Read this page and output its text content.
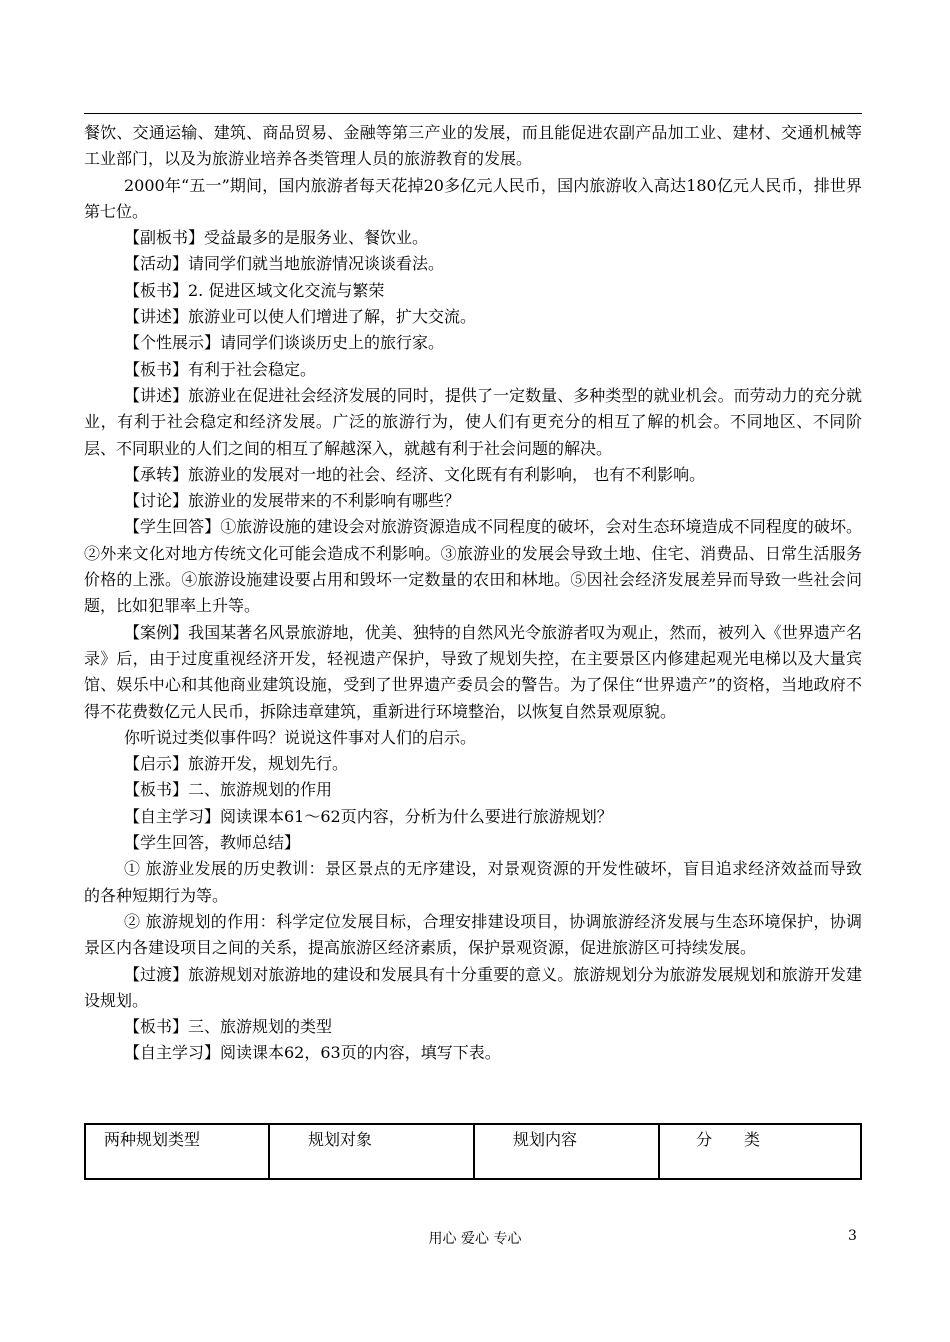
餐饮、交通运输、建筑、商品贸易、金融等第三产业的发展，而且能促进农副产品加工业、建材、交通机械等工业部门，以及为旅游业培养各类管理人员的旅游教育的发展。

2000年“五一”期间，国内旅游者每天花掉20多亿元人民币，国内旅游收入高达180亿元人民币，排世界第七位。

【副板书】受益最多的是服务业、餐饮业。

【活动】请同学们就当地旅游情况谈谈看法。

【板书】2. 促进区域文化交流与繁荣

【讲述】旅游业可以使人们增进了解，扩大交流。

【个性展示】请同学们谈谈历史上的旅行家。

【板书】有利于社会稳定。

【讲述】旅游业在促进社会经济发展的同时，提供了一定数量、多种类型的就业机会。而劳动力的充分就业，有利于社会稳定和经济发展。广泛的旅游行为，使人们有更充分的相互了解的机会。不同地区、不同阶层、不同职业的人们之间的相互了解越深入，就越有利于社会问题的解决。

【承转】旅游业的发展对一地的社会、经济、文化既有有利影响， 也有不利影响。

【讨论】旅游业的发展带来的不利影响有哪些？

【学生回答】①旅游设施的建设会对旅游资源造成不同程度的破坏，会对生态环境造成不同程度的破坏。②外来文化对地方传统文化可能会造成不利影响。③旅游业的发展会导致土地、住宅、消费品、日常生活服务价格的上涨。④旅游设施建设要占用和毁坏一定数量的农田和林地。⑤因社会经济发展差异而导致一些社会问题，比如犯罪率上升等。

【案例】我国某著名风景旅游地，优美、独特的自然风光令旅游者叹为观止，然而，被列入《世界遗产名录》后，由于过度重视经济开发，轻视遗产保护，导致了规划失控，在主要景区内修建起观光电梯以及大量宾馆、娱乐中心和其他商业建筑设施，受到了世界遗产委员会的警告。为了保住“世界遗产”的资格，当地政府不得不花费数亿元人民币，拆除违章建筑，重新进行环境整治，以恢复自然景观原貌。

你听说过类似事件吗？说说这件事对人们的启示。

【启示】旅游开发，规划先行。

【板书】二、旅游规划的作用

【自主学习】阅读课本61～62页内容，分析为什么要进行旅游规划？

【学生回答，教师总结】

① 旅游业发展的历史教训：景区景点的无序建设，对景观资源的开发性破坏，盲目追求经济效益而导致的各种短期行为等。

② 旅游规划的作用：科学定位发展目标，合理安排建设项目，协调旅游经济发展与生态环境保护，协调景区内各建设项目之间的关系，提高旅游区经济素质，保护景观资源，促进旅游区可持续发展。

【过渡】旅游规划对旅游地的建设和发展具有十分重要的意义。旅游规划分为旅游发展规划和旅游开发建设规划。

【板书】三、旅游规划的类型

【自主学习】阅读课本62，63页的内容，填写下表。

两种规划类型	规划对象	规划内容	分　　类
用心 爱心 专心	3
